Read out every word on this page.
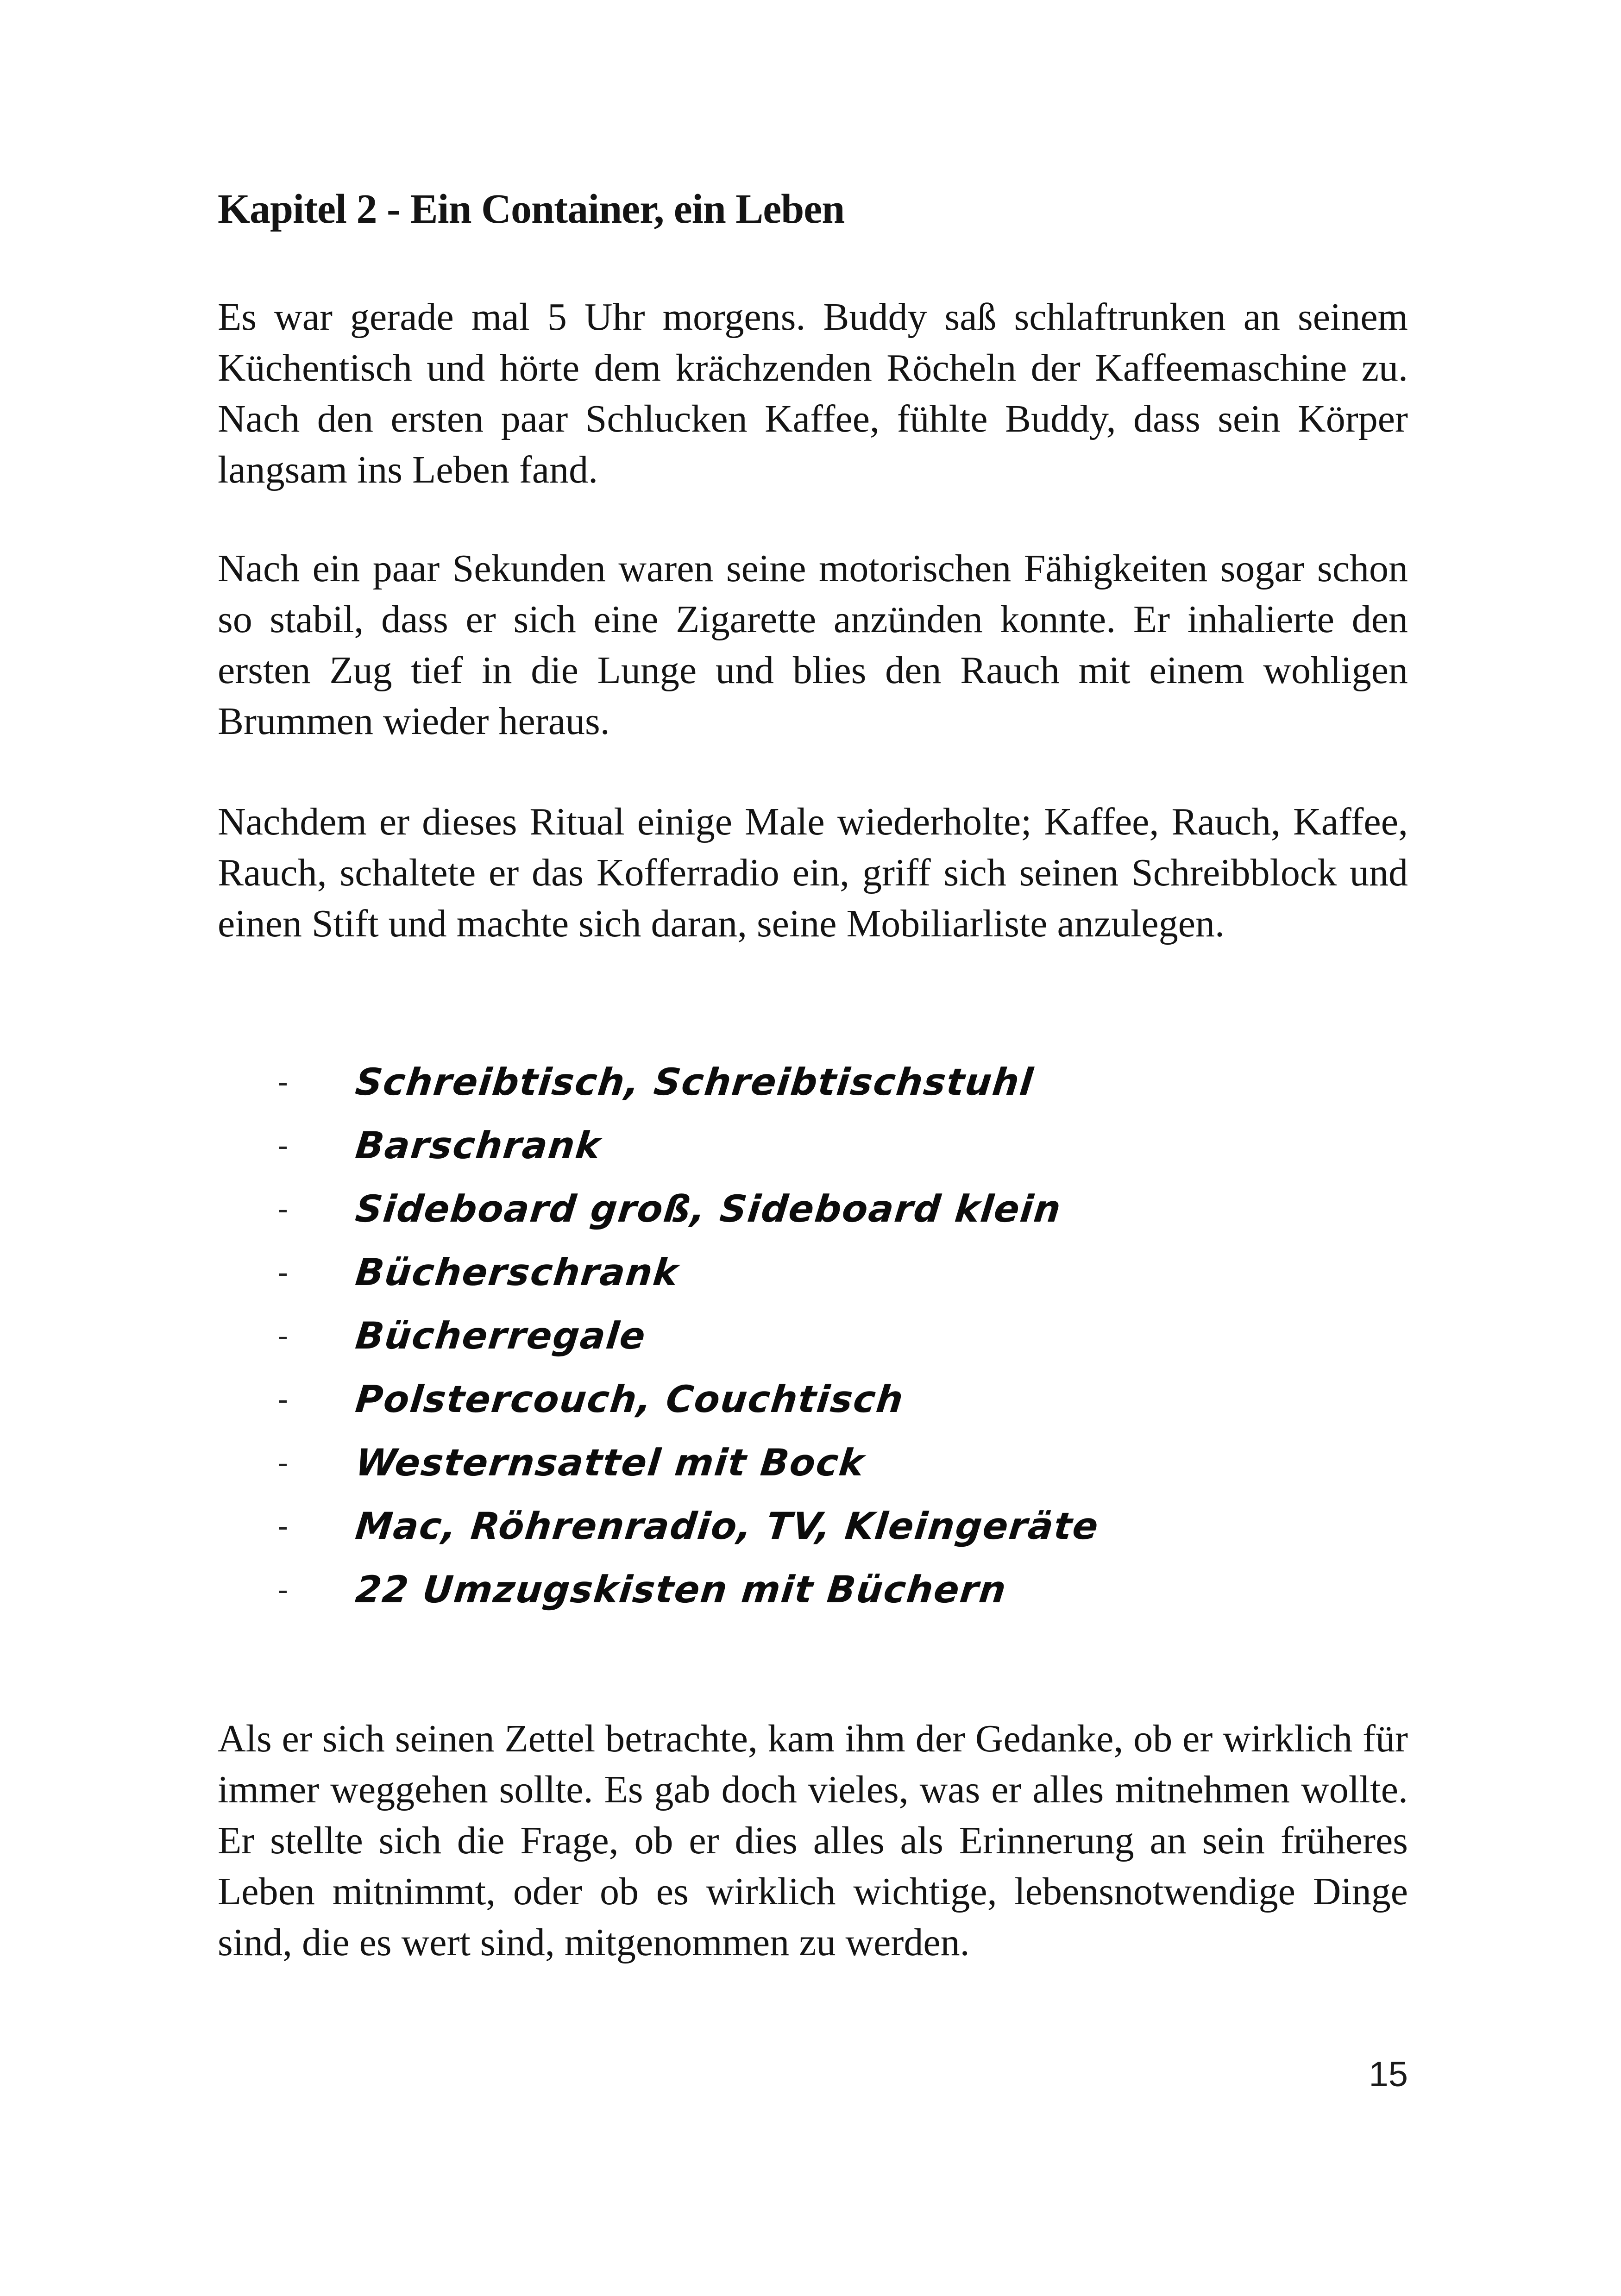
Kapitel 2 - Ein Container, ein Leben

Es war gerade mal 5 Uhr morgens. Buddy saß schlaftrunken an seinem Küchentisch und hörte dem krächzenden Röcheln der Kaffeemaschine zu. Nach den ersten paar Schlucken Kaffee, fühlte Buddy, dass sein Körper langsam ins Leben fand.

Nach ein paar Sekunden waren seine motorischen Fähigkeiten sogar schon so stabil, dass er sich eine Zigarette anzünden konnte. Er inhalierte den ersten Zug tief in die Lunge und blies den Rauch mit einem wohligen Brummen wieder heraus.

Nachdem er dieses Ritual einige Male wiederholte; Kaffee, Rauch, Kaffee, Rauch, schaltete er das Kofferradio ein, griff sich seinen Schreibblock und einen Stift und machte sich daran, seine Mobiliarliste anzulegen.

- Schreibtisch, Schreibtischstuhl
- Barschrank
- Sideboard groß, Sideboard klein
- Bücherschrank
- Bücherregale
- Polstercouch, Couchtisch
- Westernsattel mit Bock
- Mac, Röhrenradio, TV, Kleingeräte
- 22 Umzugskisten mit Büchern

Als er sich seinen Zettel betrachte, kam ihm der Gedanke, ob er wirklich für immer weggehen sollte. Es gab doch vieles, was er alles mitnehmen wollte. Er stellte sich die Frage, ob er dies alles als Erinnerung an sein früheres Leben mitnimmt, oder ob es wirklich wichtige, lebensnotwendige Dinge sind, die es wert sind, mitgenommen zu werden.

15
